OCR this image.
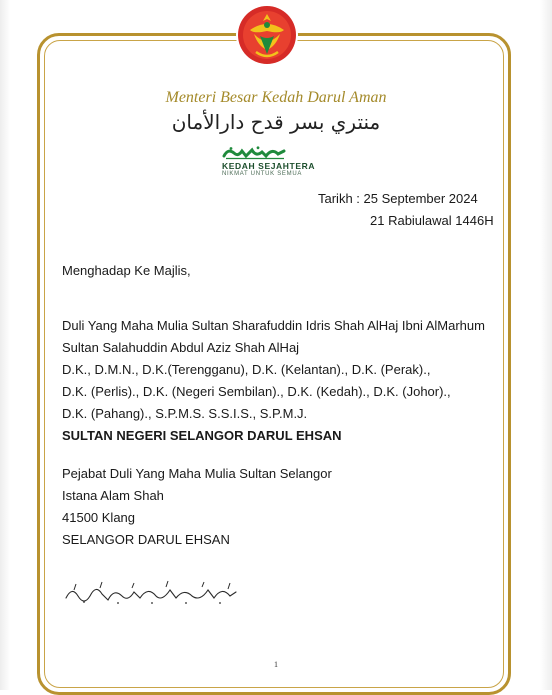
Menteri Besar Kedah Darul Aman
منتري بسر قدح دارالأمان
KEDAH SEJAHTERA
NIKMAT UNTUK SEMUA
Tarikh : 25 September 2024
21 Rabiulawal 1446H
Menghadap Ke Majlis,
Duli Yang Maha Mulia Sultan Sharafuddin Idris Shah AlHaj Ibni AlMarhum
Sultan Salahuddin Abdul Aziz Shah AlHaj
D.K., D.M.N., D.K.(Terengganu), D.K. (Kelantan)., D.K. (Perak).,
D.K. (Perlis)., D.K. (Negeri Sembilan)., D.K. (Kedah)., D.K. (Johor).,
D.K. (Pahang)., S.P.M.S. S.S.I.S., S.P.M.J.
SULTAN NEGERI SELANGOR DARUL EHSAN
Pejabat Duli Yang Maha Mulia Sultan Selangor
Istana Alam Shah
41500 Klang
SELANGOR DARUL EHSAN
1
